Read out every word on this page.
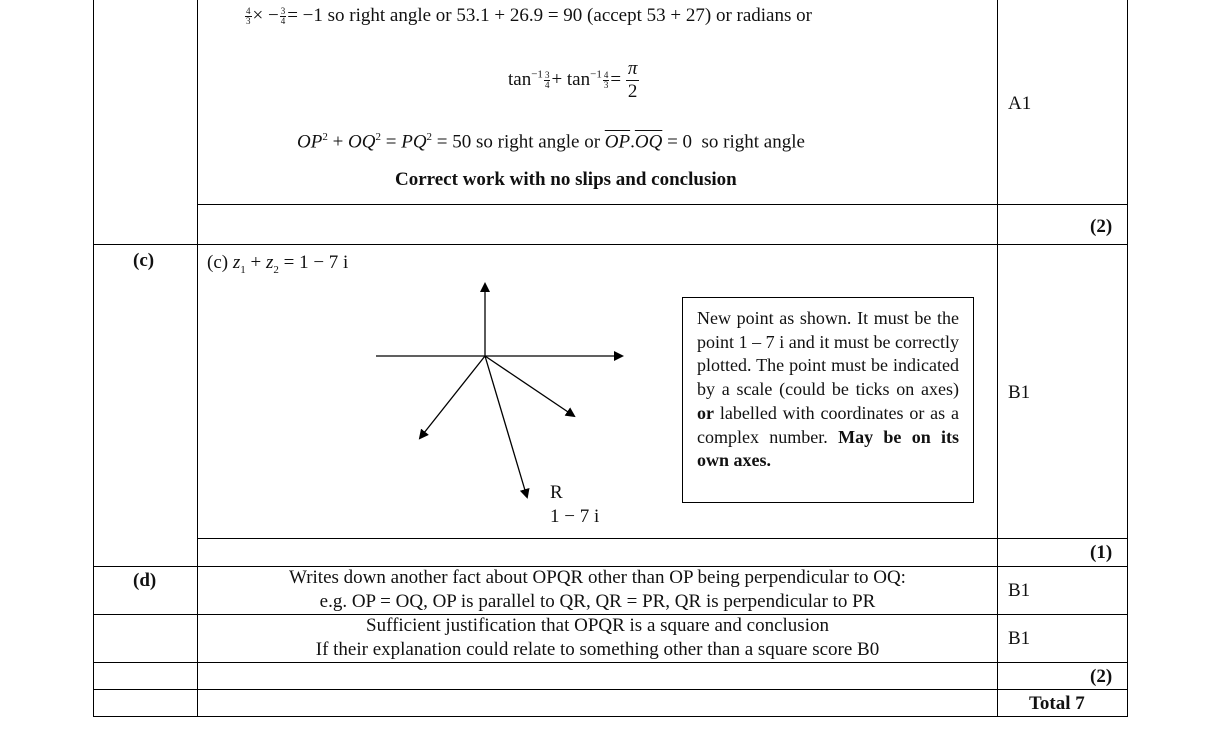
$\frac{4}{3}$ × − $\frac{3}{4} = -1$ so right angle or 53.1 + 26.9 = 90 (accept 53 + 27) or radians or
$\tan^{-1} \frac{3}{4} + \tan^{-1} \frac{4}{3} = \frac{\pi}{2}$
$OP^2 + OQ^2 = PQ^2 = 50$ so right angle or $\overline{OP}.\overline{OQ} = 0$  so right angle
Correct work with no slips and conclusion
A1
(2)
(c)	(c) $z_1 + z_2 = 1 - 7$ i
R
1 − 7 i
New point as shown. It must be the point 1 – 7 i and it must be correctly plotted. The point must be indicated by a scale (could be ticks on axes) or labelled with coordinates or as a complex number. May be on its own axes.
B1
(1)
(d)	Writes down another fact about OPQR other than OP being perpendicular to OQ:
e.g. OP = OQ, OP is parallel to QR, QR = PR, QR is perpendicular to PR
B1
Sufficient justification that OPQR is a square and conclusion
If their explanation could relate to something other than a square score B0
B1
(2)
Total 7
